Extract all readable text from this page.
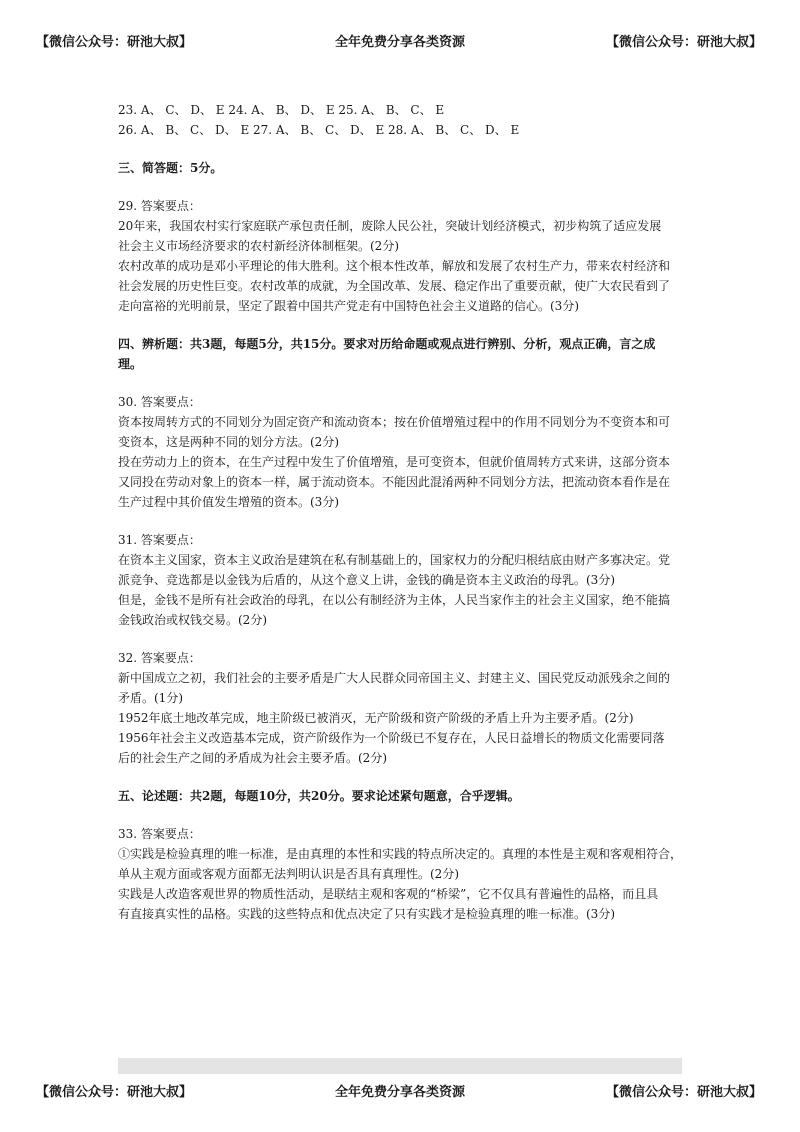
【微信公众号：研池大叔】	全年免费分享各类资源	【微信公众号：研池大叔】
23. A、 C、 D、 E 24. A、 B、 D、 E 25. A、 B、 C、 E
26. A、 B、 C、 D、 E 27. A、 B、 C、 D、 E 28. A、 B、 C、 D、 E
三、简答题：5分。
29. 答案要点：
20年来，我国农村实行家庭联产承包责任制，废除人民公社，突破计划经济模式，初步构筑了适应发展
社会主义市场经济要求的农村新经济体制框架。(2分)
农村改革的成功是邓小平理论的伟大胜利。这个根本性改革，解放和发展了农村生产力，带来农村经济和
社会发展的历史性巨变。农村改革的成就，为全国改革、发展、稳定作出了重要贡献，使广大农民看到了
走向富裕的光明前景，坚定了跟着中国共产党走有中国特色社会主义道路的信心。(3分)
四、辨析题：共3题，每题5分，共15分。要求对历给命题或观点进行辨别、分析，观点正确，言之成
理。
30. 答案要点：
资本按周转方式的不同划分为固定资产和流动资本；按在价值增殖过程中的作用不同划分为不变资本和可
变资本，这是两种不同的划分方法。(2分)
投在劳动力上的资本，在生产过程中发生了价值增殖，是可变资本，但就价值周转方式来讲，这部分资本
又同投在劳动对象上的资本一样，属于流动资本。不能因此混淆两种不同划分方法，把流动资本看作是在
生产过程中其价值发生增殖的资本。(3分)
31. 答案要点：
在资本主义国家，资本主义政治是建筑在私有制基础上的，国家权力的分配归根结底由财产多寡决定。党
派竞争、竞选都是以金钱为后盾的，从这个意义上讲，金钱的确是资本主义政治的母乳。(3分)
但是，金钱不是所有社会政治的母乳，在以公有制经济为主体，人民当家作主的社会主义国家，绝不能搞
金钱政治或权钱交易。(2分)
32. 答案要点：
新中国成立之初，我们社会的主要矛盾是广大人民群众同帝国主义、封建主义、国民党反动派残余之间的
矛盾。(1分)
1952年底土地改革完成，地主阶级已被消灭，无产阶级和资产阶级的矛盾上升为主要矛盾。(2分)
1956年社会主义改造基本完成，资产阶级作为一个阶级已不复存在，人民日益增长的物质文化需要同落
后的社会生产之间的矛盾成为社会主要矛盾。(2分)
五、论述题：共2题，每题10分，共20分。要求论述紧句题意，合乎逻辑。
33. 答案要点：
①实践是检验真理的唯一标准，是由真理的本性和实践的特点所决定的。真理的本性是主观和客观相符合，
单从主观方面或客观方面都无法判明认识是否具有真理性。(2分)
实践是人改造客观世界的物质性活动，是联结主观和客观的“桥梁”，它不仅具有普遍性的品格，而且具
有直接真实性的品格。实践的这些特点和优点决定了只有实践才是检验真理的唯一标准。(3分)
【微信公众号：研池大叔】	全年免费分享各类资源	【微信公众号：研池大叔】
